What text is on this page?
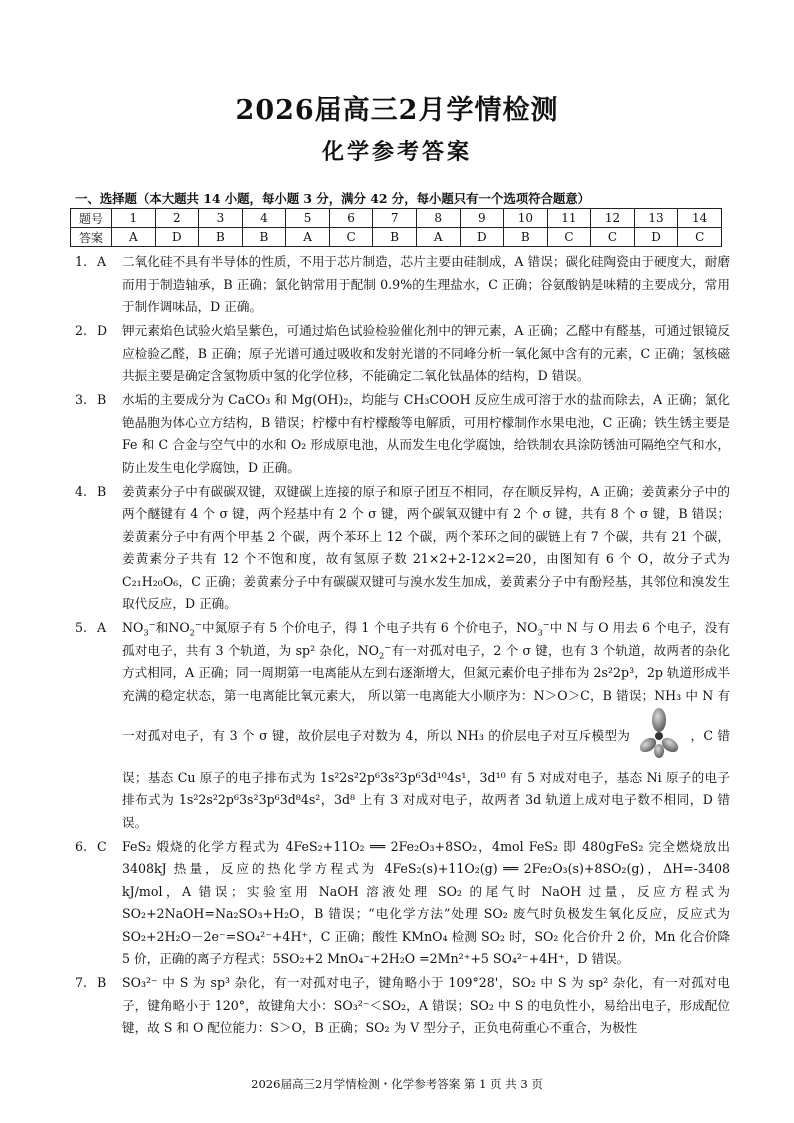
2026届高三2月学情检测
化学参考答案
一、选择题（本大题共 14 小题，每小题 3 分，满分 42 分，每小题只有一个选项符合题意）
题号	1	2	3	4	5	6	7	8	9	10	11	12	13	14
答案	A	D	B	B	A	C	B	A	D	B	C	C	D	C
1. A 二氧化硅不具有半导体的性质，不用于芯片制造，芯片主要由硅制成，A 错误；碳化硅陶瓷由于硬度大，耐磨而用于制造轴承，B 正确；氯化钠常用于配制 0.9%的生理盐水，C 正确；谷氨酸钠是味精的主要成分，常用于制作调味品，D 正确。
2. D 钾元素焰色试验火焰呈紫色，可通过焰色试验检验催化剂中的钾元素，A 正确；乙醛中有醛基，可通过银镜反应检验乙醛，B 正确；原子光谱可通过吸收和发射光谱的不同峰分析一氧化氮中含有的元素，C 正确；氢核磁共振主要是确定含氢物质中氢的化学位移，不能确定二氧化钛晶体的结构，D 错误。
3. B 水垢的主要成分为 CaCO₃ 和 Mg(OH)₂，均能与 CH₃COOH 反应生成可溶于水的盐而除去，A 正确；氯化铯晶胞为体心立方结构，B 错误；柠檬中有柠檬酸等电解质，可用柠檬制作水果电池，C 正确；铁生锈主要是 Fe 和 C 合金与空气中的水和 O₂ 形成原电池，从而发生电化学腐蚀，给铁制农具涂防锈油可隔绝空气和水，防止发生电化学腐蚀，D 正确。
4. B 姜黄素分子中有碳碳双键，双键碳上连接的原子和原子团互不相同，存在顺反异构，A 正确；姜黄素分子中的两个醚键有 4 个 σ 键，两个羟基中有 2 个 σ 键，两个碳氧双键中有 2 个 σ 键，共有 8 个 σ 键，B 错误；姜黄素分子中有两个甲基 2 个碳，两个苯环上 12 个碳，两个苯环之间的碳链上有 7 个碳，共有 21 个碳，姜黄素分子共有 12 个不饱和度，故有氢原子数 21×2+2-12×2=20，由图知有 6 个 O，故分子式为 C₂₁H₂₀O₆，C 正确；姜黄素分子中有碳碳双键可与溴水发生加成，姜黄素分子中有酚羟基，其邻位和溴发生取代反应，D 正确。
5. A $NO_3^-$和$NO_2^-$中氮原子有 5 个价电子，得 1 个电子共有 6 个价电子，$NO_3^-$中 N 与 O 用去 6 个电子，没有孤对电子，共有 3 个轨道，为 sp² 杂化，$NO_2^-$有一对孤对电子，2 个 σ 键，也有 3 个轨道，故两者的杂化方式相同，A 正确；同一周期第一电离能从左到右逐渐增大，但氮元素价电子排布为 2s²2p³，2p 轨道形成半充满的稳定状态，第一电离能比氧元素大， 所以第一电离能大小顺序为：N＞O＞C，B 错误；NH₃ 中 N 有一对孤对电子，有 3 个 σ 键，故价层电子对数为 4，所以 NH₃ 的价层电子对互斥模型为	，C 错误；基态 Cu 原子的电子排布式为 1s²2s²2p⁶3s²3p⁶3d¹⁰4s¹，3d¹⁰ 有 5 对成对电子，基态 Ni 原子的电子排布式为 1s²2s²2p⁶3s²3p⁶3d⁸4s²，3d⁸ 上有 3 对成对电子，故两者 3d 轨道上成对电子数不相同，D 错误。
6. C FeS₂ 煅烧的化学方程式为 4FeS₂+11O₂ ══ 2Fe₂O₃+8SO₂，4mol FeS₂ 即 480gFeS₂ 完全燃烧放出 3408kJ 热量，反应的热化学方程式为 4FeS₂(s)+11O₂(g) ══ 2Fe₂O₃(s)+8SO₂(g)，ΔH=-3408 kJ/mol，A 错误；实验室用 NaOH 溶液处理 SO₂ 的尾气时 NaOH 过量，反应方程式为 SO₂+2NaOH=Na₂SO₃+H₂O，B 错误；“电化学方法”处理 SO₂ 废气时负极发生氧化反应，反应式为 SO₂+2H₂O－2e⁻=SO₄²⁻+4H⁺，C 正确；酸性 KMnO₄ 检测 SO₂ 时，SO₂ 化合价升 2 价，Mn 化合价降 5 价，正确的离子方程式：5SO₂+2 MnO₄⁻+2H₂O =2Mn²⁺+5 SO₄²⁻+4H⁺，D 错误。
7. B SO₃²⁻ 中 S 为 sp³ 杂化，有一对孤对电子，键角略小于 109°28'，SO₂ 中 S 为 sp² 杂化，有一对孤对电子，键角略小于 120°，故键角大小：SO₃²⁻＜SO₂，A 错误；SO₂ 中 S 的电负性小，易给出电子，形成配位键，故 S 和 O 配位能力：S＞O，B 正确；SO₂ 为 V 型分子，正负电荷重心不重合，为极性
2026届高三2月学情检测・化学参考答案 第 1 页 共 3 页
